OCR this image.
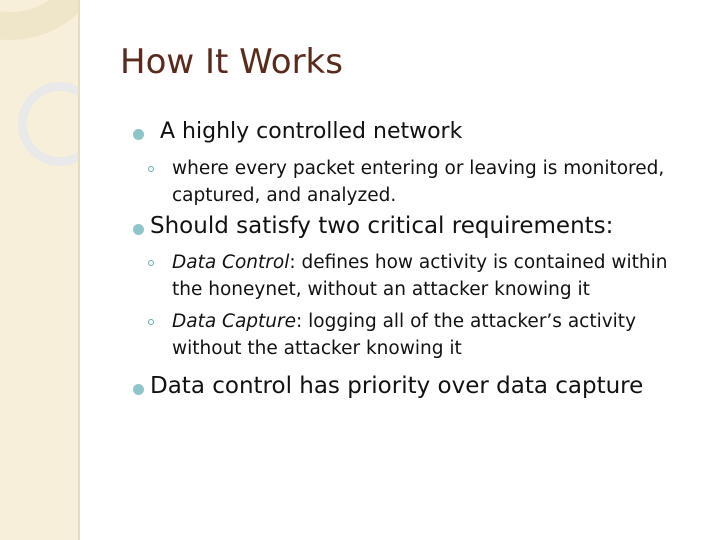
How It Works
A highly controlled network
where every packet entering or leaving is monitored, captured, and analyzed.
Should satisfy two critical requirements:
Data Control: defines how activity is contained within the honeynet, without an attacker knowing it
Data Capture: logging all of the attacker’s activity without the attacker knowing it
Data control has priority over data capture
